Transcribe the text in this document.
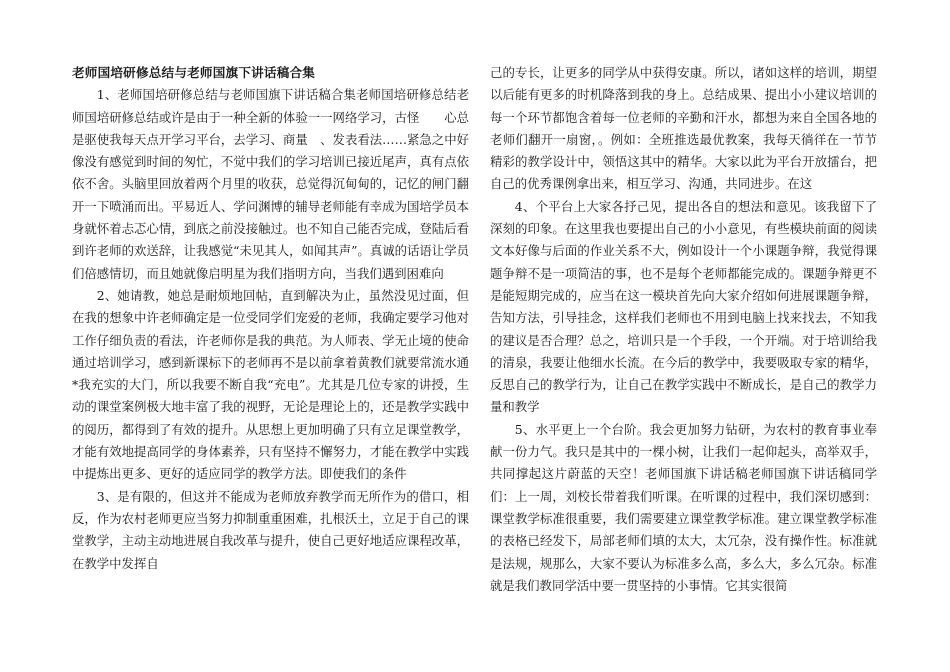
老师国培研修总结与老师国旗下讲话稿合集

1、老师国培研修总结与老师国旗下讲话稿合集老师国培研修总结老师国培研修总结或许是由于一种全新的体验一一网络学习，古怪　　心总是驱使我每天点开学习平台，去学习、商量　、发表看法……紧急之中好像没有感觉到时间的匆忙，不觉中我们的学习培训已接近尾声，真有点依依不舍。头脑里回放着两个月里的收获，总觉得沉甸甸的，记忆的闸门翻开一下喷涌而出。平易近人、学问渊博的辅导老师能有幸成为国培学员本身就怀着忐忑心情，到底之前没接触过。也不知自己能否完成，登陆后看到许老师的欢送辞，让我感觉“未见其人，如闻其声”。真诚的话语让学员们倍感情切，而且她就像启明星为我们指明方向，当我们遇到困难向

2、她请教，她总是耐烦地回帖，直到解决为止，虽然没见过面，但在我的想象中许老师确定是一位受同学们宠爱的老师，我确定要学习他对工作仔细负责的看法，许老师你是我的典范。为人师表、学无止境的使命通过培训学习，感到新课标下的老师再不是以前拿着黄教们就要常流水通*我充实的大门，所以我要不断自我“充电”。尤其是几位专家的讲授，生动的课堂案例极大地丰富了我的视野，无论是理论上的，还是教学实践中的阅历，都得到了有效的提升。从思想上更加明确了只有立足课堂教学，才能有效地提高同学的身体素养，只有坚持不懈努力，才能在教学中实践中提炼出更多、更好的适应同学的教学方法。即使我们的条件

3、是有限的，但这并不能成为老师放弃教学而无所作为的借口，相反，作为农村老师更应当努力抑制重重困难，扎根沃土，立足于自己的课堂教学，主动主动地进展自我改革与提升，使自己更好地适应课程改革，在教学中发挥自

己的专长，让更多的同学从中获得安康。所以，诸如这样的培训，期望以后能有更多的时机降落到我的身上。总结成果、提出小小建议培训的每一个环节都饱含着每一位老师的辛勤和汗水，都想为来自全国各地的老师们翻开一扇窗，。例如：全班推选最优教案，我每天徜徉在一节节精彩的教学设计中，领悟这其中的精华。大家以此为平台开放擂台，把自己的优秀课例拿出来，相互学习、沟通，共同进步。在这

4、个平台上大家各抒己见，提出各自的想法和意见。该我留下了深刻的印象。在这里我也要提出自己的小小意见，有些模块前面的阅读文本好像与后面的作业关系不大，例如设计一个小课题争辩，我觉得课题争辩不是一项简洁的事，也不是每个老师都能完成的。课题争辩更不是能短期完成的，应当在这一模块首先向大家介绍如何进展课题争辩，告知方法，引导挂念，这样我们老师也不用到电脑上找来找去，不知我的建议是否合理？总之，培训只是一个手段，一个开端。对于培训给我的清泉，我要让他细水长流。在今后的教学中，我要吸取专家的精华，反思自己的教学行为，让自己在教学实践中不断成长，是自己的教学力量和教学

5、水平更上一个台阶。我会更加努力钻研，为农村的教育事业奉献一份力气。我只是其中的一棵小树，让我们一起仰起头，高举双手，共同撑起这片蔚蓝的天空！老师国旗下讲话稿老师国旗下讲话稿同学们：上一周，刘校长带着我们听课。在听课的过程中，我们深切感到：课堂教学标准很重要，我们需要建立课堂教学标准。建立课堂教学标准的表格已经发下，局部老师们填的太大，太冗杂，没有操作性。标准就是法规，规那么，大家不要认为标准多么高，多么大，多么冗杂。标准就是我们教同学活中要一贯坚持的小事情。它其实很简
